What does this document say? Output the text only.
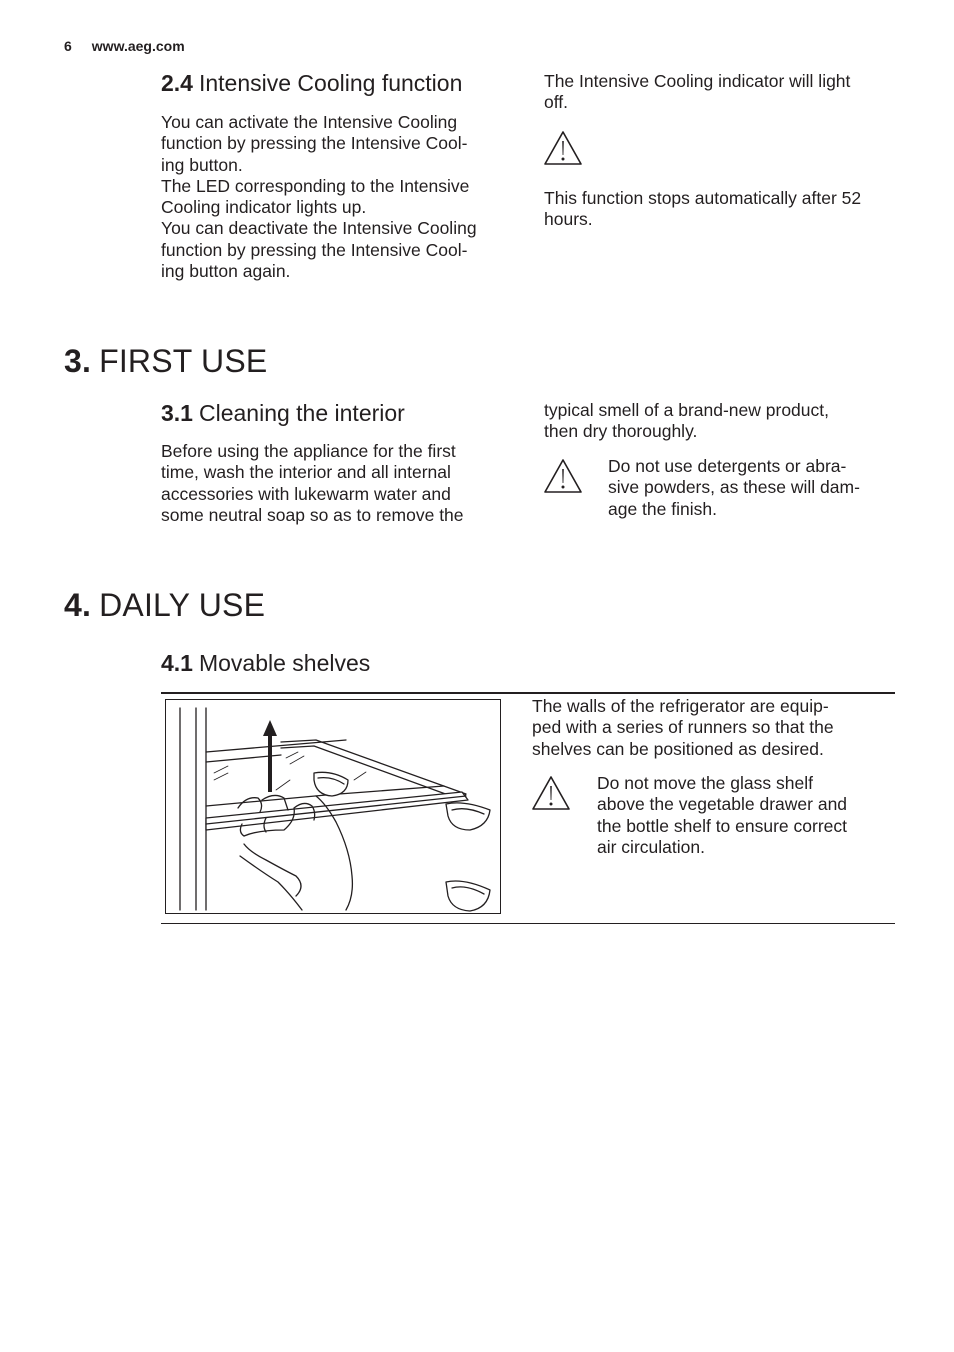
6 www.aeg.com
2.4 Intensive Cooling function
You can activate the Intensive Cooling
function by pressing the Intensive Cool-
ing button.
The LED corresponding to the Intensive
Cooling indicator lights up.
You can deactivate the Intensive Cooling
function by pressing the Intensive Cool-
ing button again.
The Intensive Cooling indicator will light
off.
This function stops automatically after 52
hours.
3. FIRST USE
3.1 Cleaning the interior
Before using the appliance for the first
time, wash the interior and all internal
accessories with lukewarm water and
some neutral soap so as to remove the
typical smell of a brand-new product,
then dry thoroughly.
Do not use detergents or abra-
sive powders, as these will dam-
age the finish.
4. DAILY USE
4.1 Movable shelves
The walls of the refrigerator are equip-
ped with a series of runners so that the
shelves can be positioned as desired.
Do not move the glass shelf
above the vegetable drawer and
the bottle shelf to ensure correct
air circulation.
